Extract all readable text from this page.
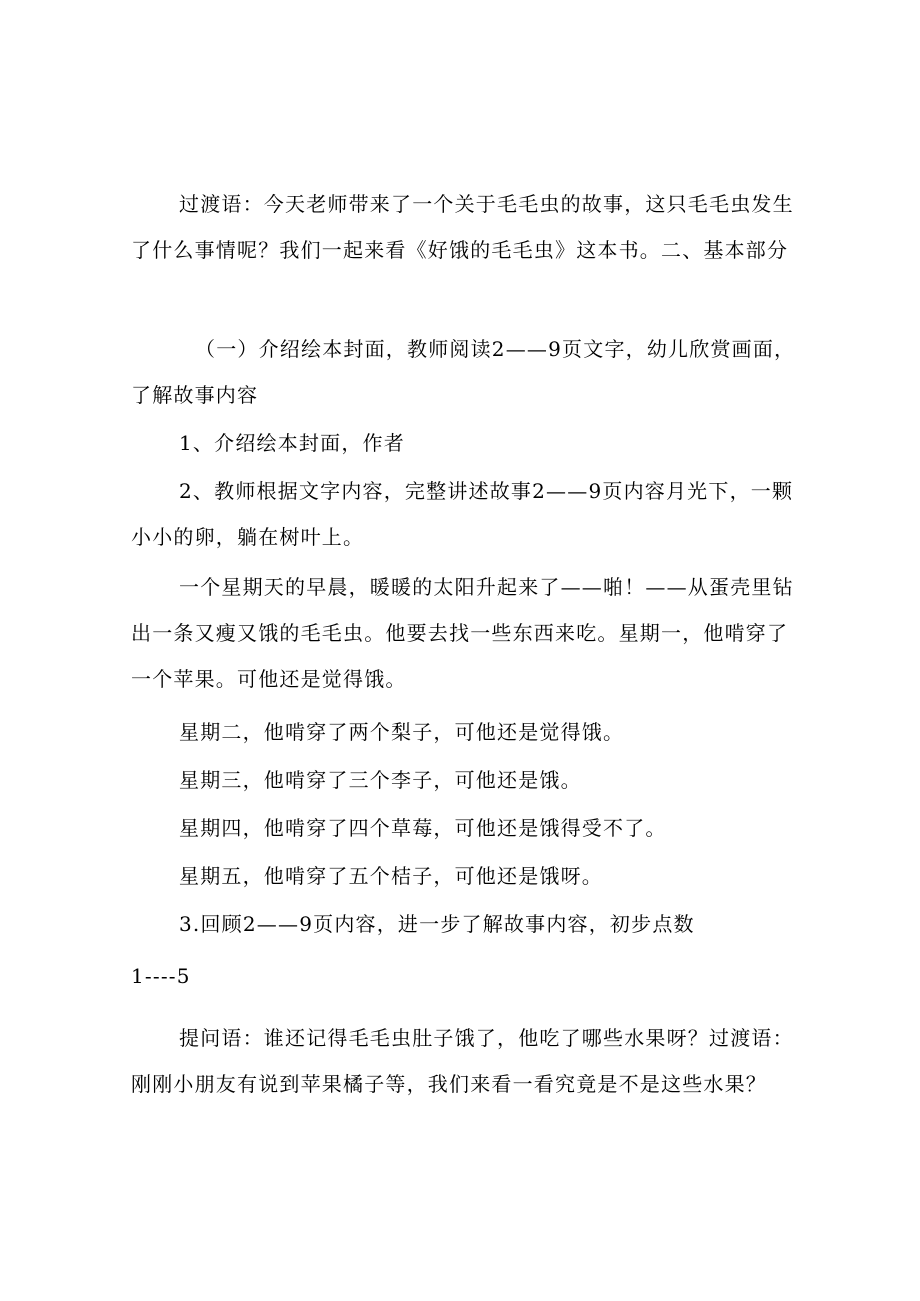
过渡语：今天老师带来了一个关于毛毛虫的故事，这只毛毛虫发生了什么事情呢？我们一起来看《好饿的毛毛虫》这本书。二、基本部分

（一）介绍绘本封面，教师阅读2——9页文字，幼儿欣赏画面，了解故事内容

1、介绍绘本封面，作者

2、教师根据文字内容，完整讲述故事2——9页内容月光下，一颗小小的卵，躺在树叶上。

一个星期天的早晨，暖暖的太阳升起来了——啪！——从蛋壳里钻出一条又瘦又饿的毛毛虫。他要去找一些东西来吃。星期一，他啃穿了一个苹果。可他还是觉得饿。

星期二，他啃穿了两个梨子，可他还是觉得饿。

星期三，他啃穿了三个李子，可他还是饿。

星期四，他啃穿了四个草莓，可他还是饿得受不了。

星期五，他啃穿了五个桔子，可他还是饿呀。

3.回顾2——9页内容，进一步了解故事内容，初步点数

1----5

提问语：谁还记得毛毛虫肚子饿了，他吃了哪些水果呀？过渡语：刚刚小朋友有说到苹果橘子等，我们来看一看究竟是不是这些水果？
